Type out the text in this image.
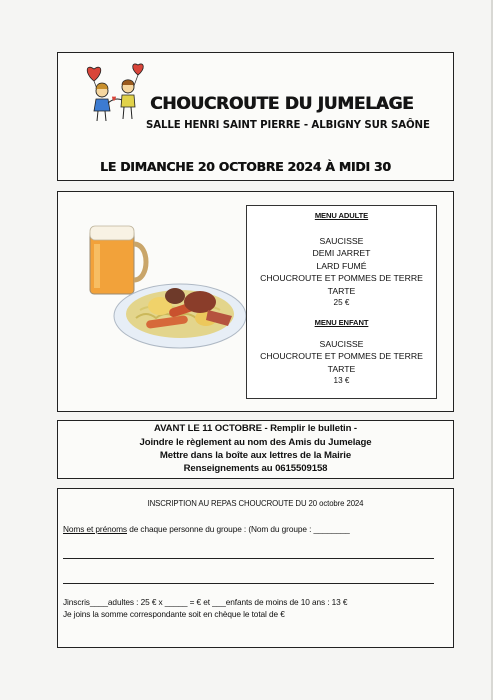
CHOUCROUTE DU JUMELAGE
SALLE HENRI SAINT PIERRE - ALBIGNY SUR SAÔNE
LE DIMANCHE 20 OCTOBRE 2024 À MIDI 30
MENU ADULTE
SAUCISSE
DEMI JARRET
LARD FUMÉ
CHOUCROUTE ET POMMES DE TERRE
TARTE
25 €
MENU ENFANT
SAUCISSE
CHOUCROUTE ET POMMES DE TERRE
TARTE
13 €
AVANT LE 11 OCTOBRE - Remplir le bulletin -
Joindre le règlement au nom des Amis du Jumelage
Mettre dans la boîte aux lettres de la Mairie
Renseignements au 0615509158
INSCRIPTION AU REPAS CHOUCROUTE DU 20 octobre 2024
Noms et prénoms de chaque personne du groupe : (Nom du groupe : ________
Jinscris____adultes : 25 € x _____ = € et ___enfants de moins de 10 ans : 13 €
Je joins la somme correspondante soit en chèque le total de €
